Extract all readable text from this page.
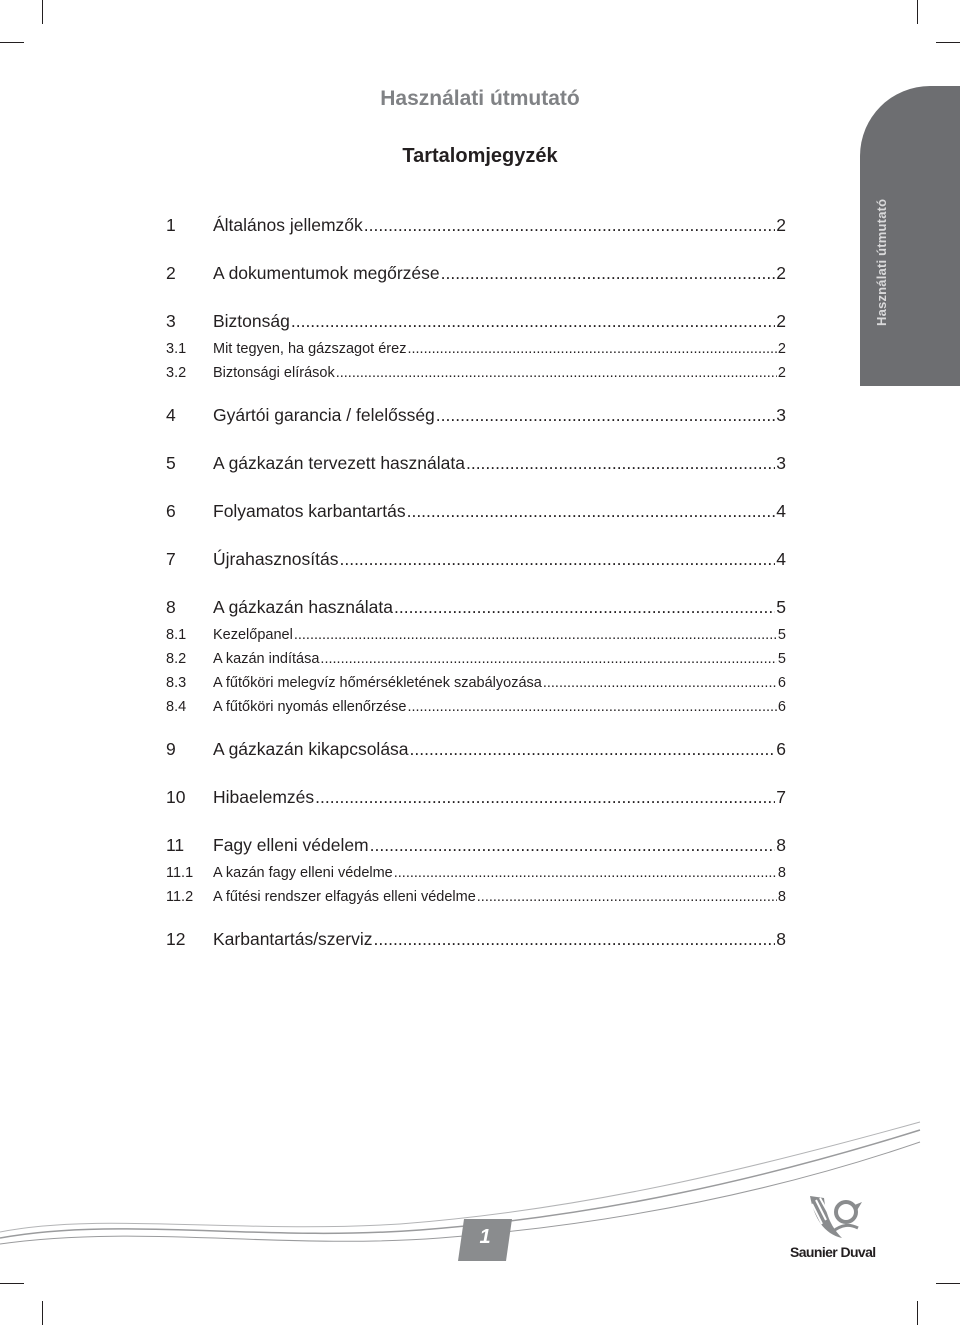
Használati útmutató
Használati útmutató
Tartalomjegyzék
1	Általános jellemzők .....	2
2	A dokumentumok megőrzése .....	2
3	Biztonság .....	2
3.1	Mit tegyen, ha gázszagot érez .....	2
3.2	Biztonsági elírások .....	2
4	Gyártói garancia / felelősség .....	3
5	A gázkazán tervezett használata .....	3
6	Folyamatos karbantartás .....	4
7	Újrahasznosítás .....	4
8	A gázkazán használata .....	5
8.1	Kezelőpanel .....	5
8.2	A kazán indítása .....	5
8.3	A fűtőköri melegvíz hőmérsékletének szabályozása .....	6
8.4	A fűtőköri nyomás ellenőrzése .....	6
9	A gázkazán kikapcsolása .....	6
10	Hibaelemzés .....	7
11	Fagy elleni védelem .....	8
11.1	A kazán fagy elleni védelme .....	8
11.2	A fűtési rendszer elfagyás elleni védelme .....	8
12	Karbantartás/szerviz .....	8
1
Saunier Duval
